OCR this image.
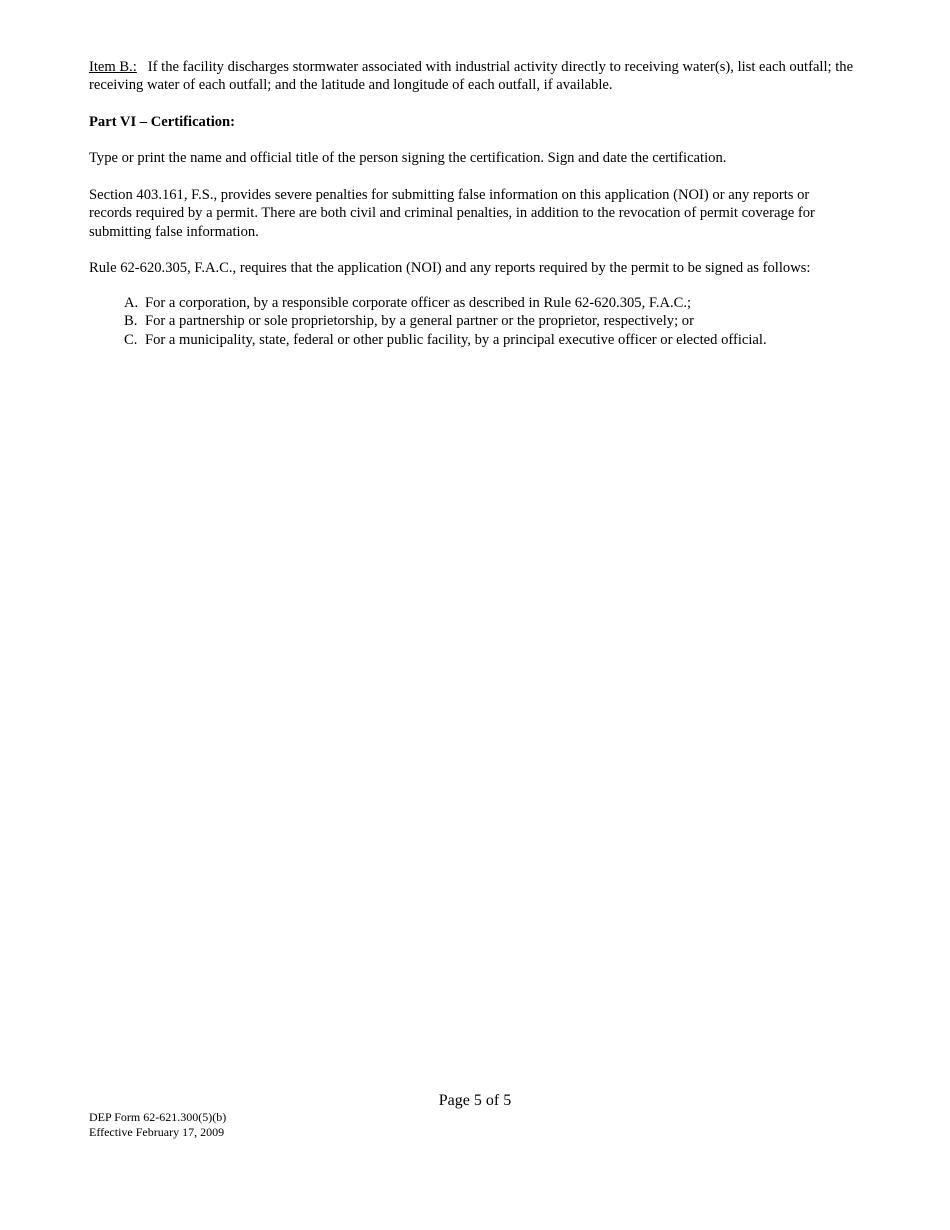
Item B.: If the facility discharges stormwater associated with industrial activity directly to receiving water(s), list each outfall; the receiving water of each outfall; and the latitude and longitude of each outfall, if available.

Part VI – Certification:

Type or print the name and official title of the person signing the certification. Sign and date the certification.

Section 403.161, F.S., provides severe penalties for submitting false information on this application (NOI) or any reports or records required by a permit. There are both civil and criminal penalties, in addition to the revocation of permit coverage for submitting false information.

Rule 62-620.305, F.A.C., requires that the application (NOI) and any reports required by the permit to be signed as follows:

A. For a corporation, by a responsible corporate officer as described in Rule 62-620.305, F.A.C.;
B. For a partnership or sole proprietorship, by a general partner or the proprietor, respectively; or
C. For a municipality, state, federal or other public facility, by a principal executive officer or elected official.
Page 5 of 5
DEP Form 62-621.300(5)(b)
Effective February 17, 2009
